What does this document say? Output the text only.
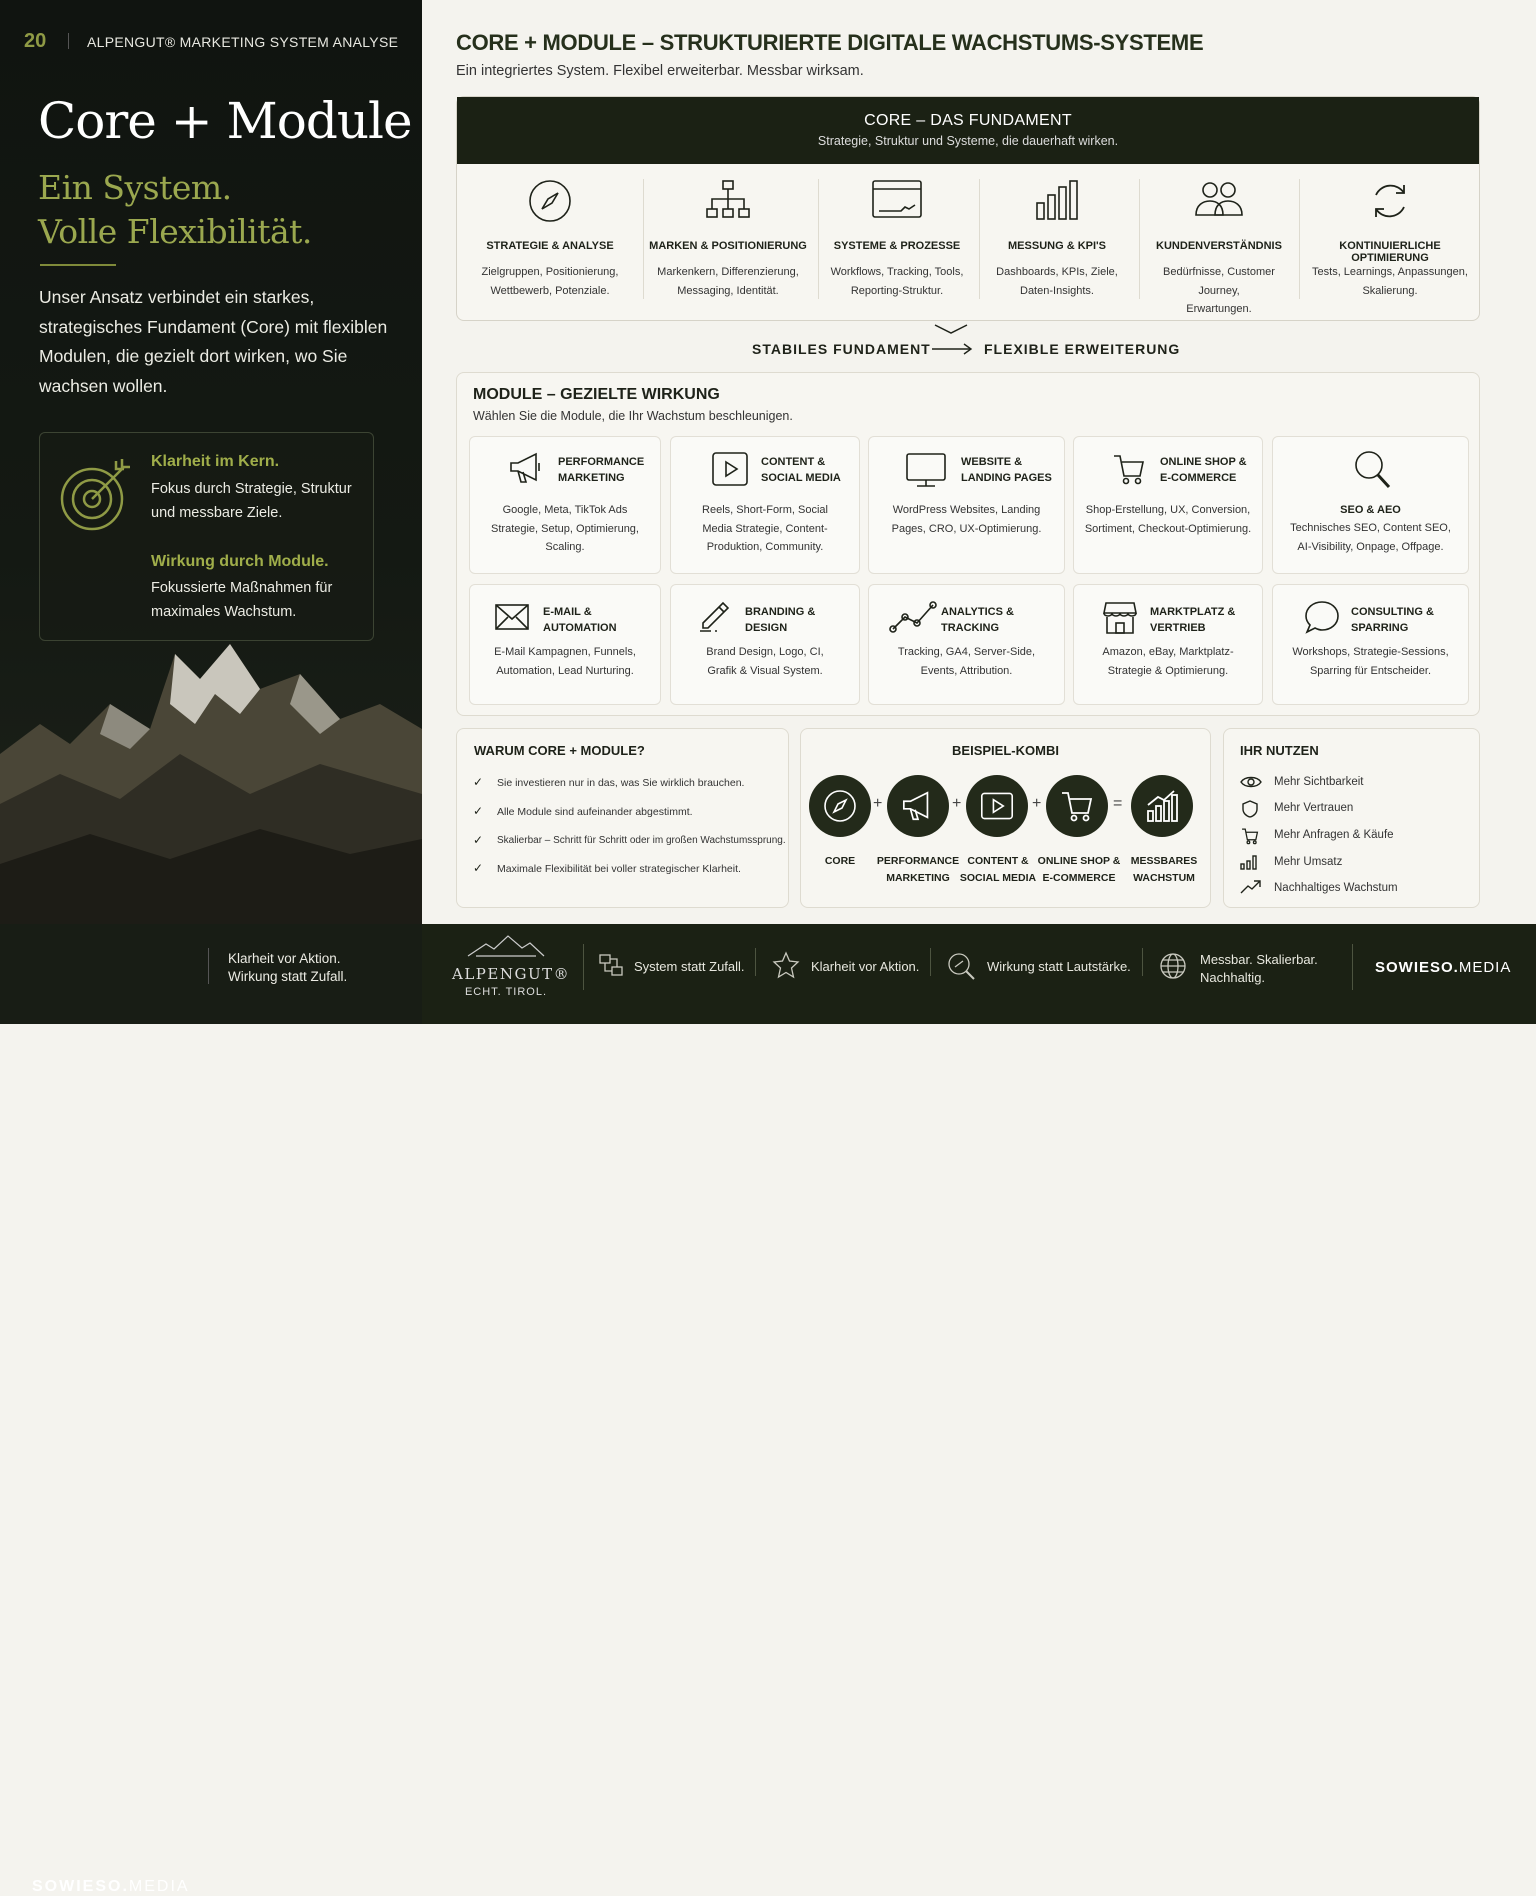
20	ALPENGUT® MARKETING SYSTEM ANALYSE
Core + Module
Ein System.
Volle Flexibilität.
Unser Ansatz verbindet ein starkes, strategisches Fundament (Core) mit flexiblen Modulen, die gezielt dort wirken, wo Sie wachsen wollen.
Klarheit im Kern.
Fokus durch Strategie, Struktur und messbare Ziele.
Wirkung durch Module.
Fokussierte Maßnahmen für maximales Wachstum.
SOWIESO.MEDIA
Klarheit vor Aktion.
Wirkung statt Zufall.
CORE + MODULE – STRUKTURIERTE DIGITALE WACHSTUMS-SYSTEME
Ein integriertes System. Flexibel erweiterbar. Messbar wirksam.
CORE – DAS FUNDAMENT
Strategie, Struktur und Systeme, die dauerhaft wirken.
STRATEGIE & ANALYSE
Zielgruppen, Positionierung,
Wettbewerb, Potenziale.
MARKEN & POSITIONIERUNG
Markenkern, Differenzierung,
Messaging, Identität.
SYSTEME & PROZESSE
Workflows, Tracking, Tools,
Reporting-Struktur.
MESSUNG & KPI'S
Dashboards, KPIs, Ziele,
Daten-Insights.
KUNDENVERSTÄNDNIS
Bedürfnisse, Customer Journey,
Erwartungen.
KONTINUIERLICHE OPTIMIERUNG
Tests, Learnings, Anpassungen,
Skalierung.
STABILES FUNDAMENT	FLEXIBLE ERWEITERUNG
MODULE – GEZIELTE WIRKUNG
Wählen Sie die Module, die Ihr Wachstum beschleunigen.
PERFORMANCE
MARKETING
Google, Meta, TikTok Ads
Strategie, Setup, Optimierung,
Scaling.
CONTENT &
SOCIAL MEDIA
Reels, Short-Form, Social
Media Strategie, Content-
Produktion, Community.
WEBSITE &
LANDING PAGES
WordPress Websites, Landing
Pages, CRO, UX-Optimierung.
ONLINE SHOP &
E-COMMERCE
Shop-Erstellung, UX, Conversion,
Sortiment, Checkout-Optimierung.
SEO & AEO
Technisches SEO, Content SEO,
AI-Visibility, Onpage, Offpage.
E-MAIL & AUTOMATION
E-Mail Kampagnen, Funnels,
Automation, Lead Nurturing.
BRANDING & DESIGN
Brand Design, Logo, CI,
Grafik & Visual System.
ANALYTICS & TRACKING
Tracking, GA4, Server-Side,
Events, Attribution.
MARKTPLATZ &
VERTRIEB
Amazon, eBay, Marktplatz-
Strategie & Optimierung.
CONSULTING &
SPARRING
Workshops, Strategie-Sessions,
Sparring für Entscheider.
WARUM CORE + MODULE?
✓ Sie investieren nur in das, was Sie wirklich brauchen.
✓ Alle Module sind aufeinander abgestimmt.
✓ Skalierbar – Schritt für Schritt oder im großen Wachstumssprung.
✓ Maximale Flexibilität bei voller strategischer Klarheit.
BEISPIEL-KOMBI
+	+	+	=
CORE	PERFORMANCE
MARKETING
CONTENT &
SOCIAL MEDIA
ONLINE SHOP &
E-COMMERCE
MESSBARES
WACHSTUM
IHR NUTZEN
Mehr Sichtbarkeit
Mehr Vertrauen
Mehr Anfragen & Käufe
Mehr Umsatz
Nachhaltiges Wachstum
ALPENGUT®
ECHT. TIROL.
System statt Zufall.	Klarheit vor Aktion.	Wirkung statt Lautstärke.	Messbar. Skalierbar.
Nachhaltig.
SOWIESO.MEDIA
